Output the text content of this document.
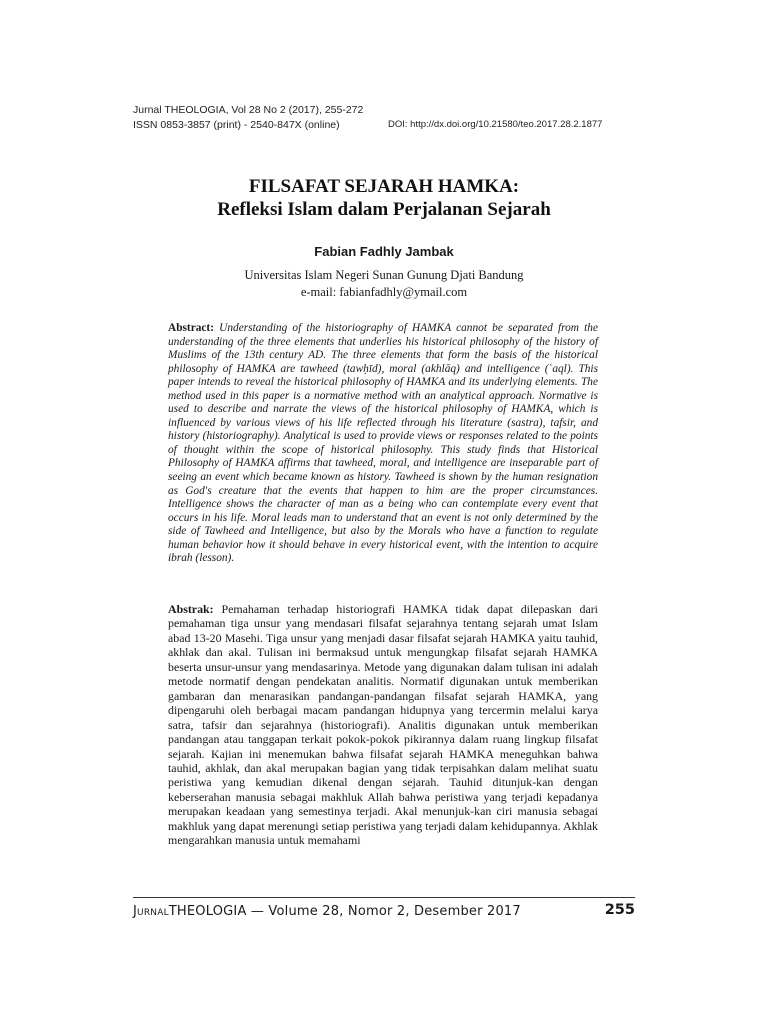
Jurnal THEOLOGIA, Vol 28 No 2 (2017), 255-272
ISSN 0853-3857 (print) - 2540-847X (online)	DOI: http://dx.doi.org/10.21580/teo.2017.28.2.1877
FILSAFAT SEJARAH HAMKA:
Refleksi Islam dalam Perjalanan Sejarah
Fabian Fadhly Jambak
Universitas Islam Negeri Sunan Gunung Djati Bandung
e-mail: fabianfadhly@ymail.com
Abstract: Understanding of the historiography of HAMKA cannot be separated from the understanding of the three elements that underlies his historical philosophy of the history of Muslims of the 13th century AD. The three elements that form the basis of the historical philosophy of HAMKA are tawheed (tawḥīd), moral (akhlāq) and intelligence (ʿaql). This paper intends to reveal the historical philosophy of HAMKA and its underlying elements. The method used in this paper is a normative method with an analytical approach. Normative is used to describe and narrate the views of the historical philosophy of HAMKA, which is influenced by various views of his life reflected through his literature (sastra), tafsir, and history (historiography). Analytical is used to provide views or responses related to the points of thought within the scope of historical philosophy. This study finds that Historical Philosophy of HAMKA affirms that tawheed, moral, and intelligence are inseparable part of seeing an event which became known as history. Tawheed is shown by the human resignation as God's creature that the events that happen to him are the proper circumstances. Intelligence shows the character of man as a being who can contemplate every event that occurs in his life. Moral leads man to understand that an event is not only determined by the side of Tawheed and Intelligence, but also by the Morals who have a function to regulate human behavior how it should behave in every historical event, with the intention to acquire ibrah (lesson).
Abstrak: Pemahaman terhadap historiografi HAMKA tidak dapat dilepaskan dari pemahaman tiga unsur yang mendasari filsafat sejarahnya tentang sejarah umat Islam abad 13-20 Masehi. Tiga unsur yang menjadi dasar filsafat sejarah HAMKA yaitu tauhid, akhlak dan akal. Tulisan ini bermaksud untuk mengungkap filsafat sejarah HAMKA beserta unsur-unsur yang mendasarinya. Metode yang digunakan dalam tulisan ini adalah metode normatif dengan pendekatan analitis. Normatif digunakan untuk memberikan gambaran dan menarasikan pandangan-pandangan filsafat sejarah HAMKA, yang dipengaruhi oleh berbagai macam pandangan hidupnya yang tercermin melalui karya satra, tafsir dan sejarahnya (historiografi). Analitis digunakan untuk memberikan pandangan atau tanggapan terkait pokok-pokok pikirannya dalam ruang lingkup filsafat sejarah. Kajian ini menemukan bahwa filsafat sejarah HAMKA meneguhkan bahwa tauhid, akhlak, dan akal merupakan bagian yang tidak terpisahkan dalam melihat suatu peristiwa yang kemudian dikenal dengan sejarah. Tauhid ditunjuk-kan dengan keberserahan manusia sebagai makhluk Allah bahwa peristiwa yang terjadi kepadanya merupakan keadaan yang semestinya terjadi. Akal menunjuk-kan ciri manusia sebagai makhluk yang dapat merenungi setiap peristiwa yang terjadi dalam kehidupannya. Akhlak mengarahkan manusia untuk memahami
JurnalTHEOLOGIA — Volume 28, Nomor 2, Desember 2017	255
